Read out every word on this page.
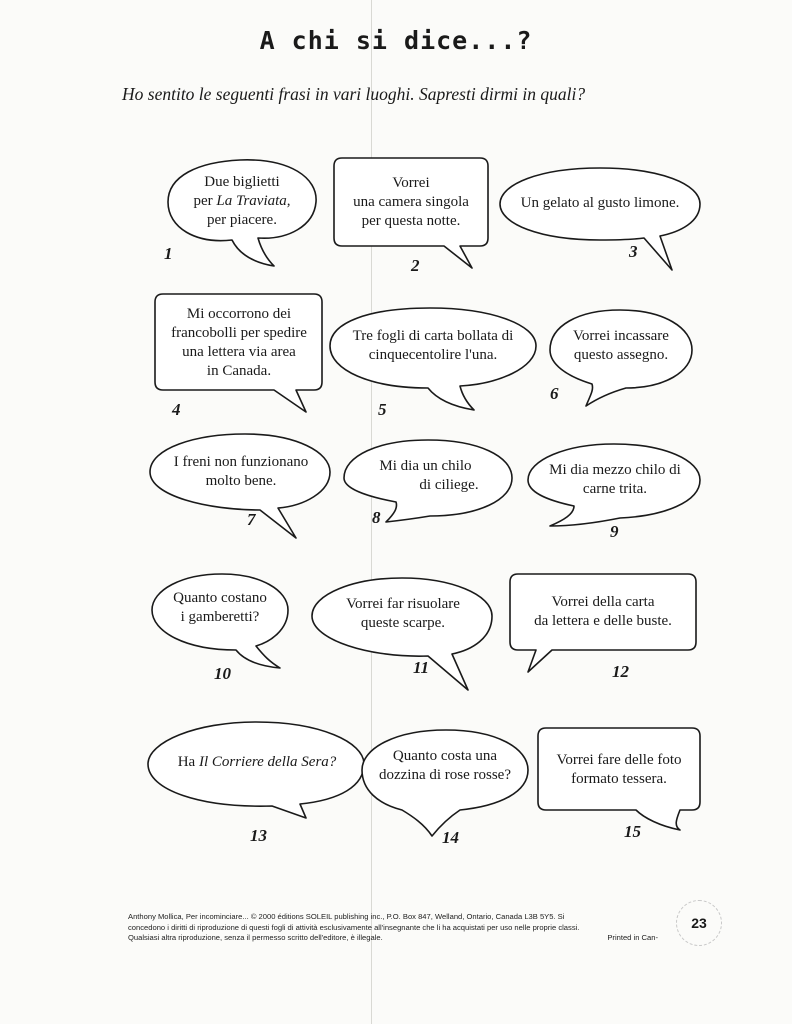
A chi si dice...?
Ho sentito le seguenti frasi in vari luoghi. Sapresti dirmi in quali?
Due biglietti
per La Traviata,
per piacere.
Vorrei
una camera singola
per questa notte.
Un gelato al gusto limone.
Mi occorrono dei
francobolli per spedire
una lettera via area
in Canada.
Tre fogli di carta bollata di
cinquecentolire l'una.
Vorrei incassare
questo assegno.
I freni non funzionano
molto bene.
Mi dia un chilo
di ciliege.
Mi dia mezzo chilo di
carne trita.
Quanto costano
i gamberetti?
Vorrei far risuolare
queste scarpe.
Vorrei della carta
da lettera e delle buste.
Ha Il Corriere della Sera?	Quanto costa una
dozzina di rose rosse?
Vorrei fare delle foto
formato tessera.
1
2
3
4	5
6
7	8
9
10	11	12
13	14	15
Anthony Mollica, Per incominciare... © 2000 éditions SOLEIL publishing inc., P.O. Box 847, Welland, Ontario, Canada L3B 5Y5. Si
concedono i diritti di riproduzione di questi fogli di attività esclusivamente all'insegnante che li ha acquistati per uso nelle proprie classi.
Qualsiasi altra riproduzione, senza il permesso scritto dell'editore, è illegale.	Printed in Can-
23
